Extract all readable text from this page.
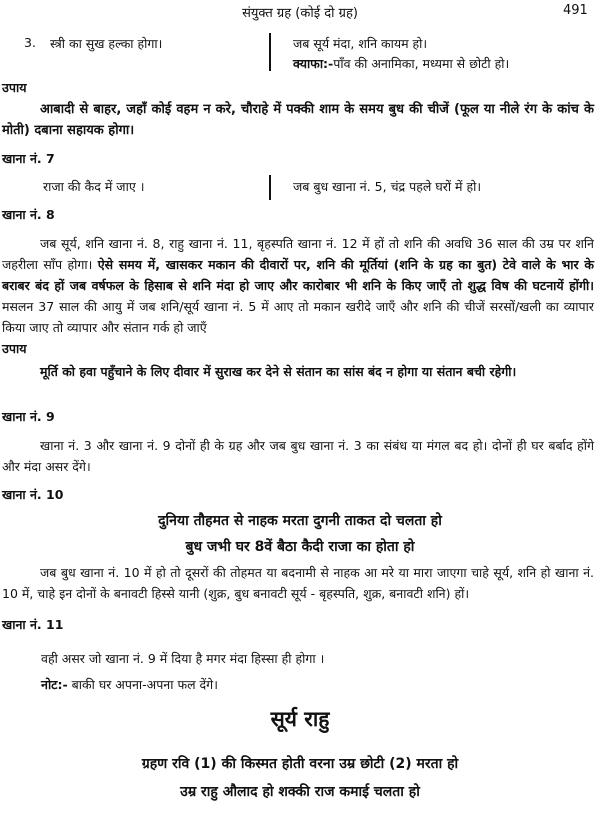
संयुक्त ग्रह (कोई दो ग्रह)	491
3. स्त्री का सुख हल्का होगा।	जब सूर्य मंदा, शनि कायम हो।
क्याफा:-पाँव की अनामिका, मध्यमा से छोटी हो।
उपाय
आबादी से बाहर, जहाँ कोई वहम न करे, चौराहे में पक्की शाम के समय बुध की चीजें (फूल या नीले रंग के कांच के मोती) दबाना सहायक होगा।
खाना नं. 7
राजा की कैद में जाए ।	जब बुध खाना नं. 5, चंद्र पहले घरों में हो।
खाना नं. 8
जब सूर्य, शनि खाना नं. 8, राहु खाना नं. 11, बृहस्पति खाना नं. 12 में हों तो शनि की अवधि 36 साल की उम्र पर शनि जहरीला साँप होगा। ऐसे समय में, खासकर मकान की दीवारों पर, शनि की मूर्तियां (शनि के ग्रह का बुत) टेवे वाले के भार के बराबर बंद हों जब वर्षफल के हिसाब से शनि मंदा हो जाए और कारोबार भी शनि के किए जाएँ तो शुद्ध विष की घटनायें होंगी। मसलन 37 साल की आयु में जब शनि/सूर्य खाना नं. 5 में आए तो मकान खरीदे जाएँ और शनि की चीजें सरसों/खली का व्यापार किया जाए तो व्यापार और संतान गर्क हो जाएँ
उपाय
मूर्ति को हवा पहुँचाने के लिए दीवार में सुराख कर देने से संतान का सांस बंद न होगा या संतान बची रहेगी।
खाना नं. 9
खाना नं. 3 और खाना नं. 9 दोनों ही के ग्रह और जब बुध खाना नं. 3 का संबंध या मंगल बद हो। दोनों ही घर बर्बाद होंगे और मंदा असर देंगे।
खाना नं. 10
दुनिया तौहमत से नाहक मरता दुगनी ताकत दो चलता हो
बुध जभी घर 8वें बैठा कैदी राजा का होता हो
जब बुध खाना नं. 10 में हो तो दूसरों की तोहमत या बदनामी से नाहक आ मरे या मारा जाएगा चाहे सूर्य, शनि हो खाना नं. 10 में, चाहे इन दोनों के बनावटी हिस्से यानी (शुक्र, बुध बनावटी सूर्य - बृहस्पति, शुक्र, बनावटी शनि) हों।
खाना नं. 11
वही असर जो खाना नं. 9 में दिया है मगर मंदा हिस्सा ही होगा ।
नोट:- बाकी घर अपना-अपना फल देंगे।
सूर्य राहु
ग्रहण रवि (1) की किस्मत होती वरना उम्र छोटी (2) मरता हो
उम्र राहु औलाद हो शक्की राज कमाई चलता हो
